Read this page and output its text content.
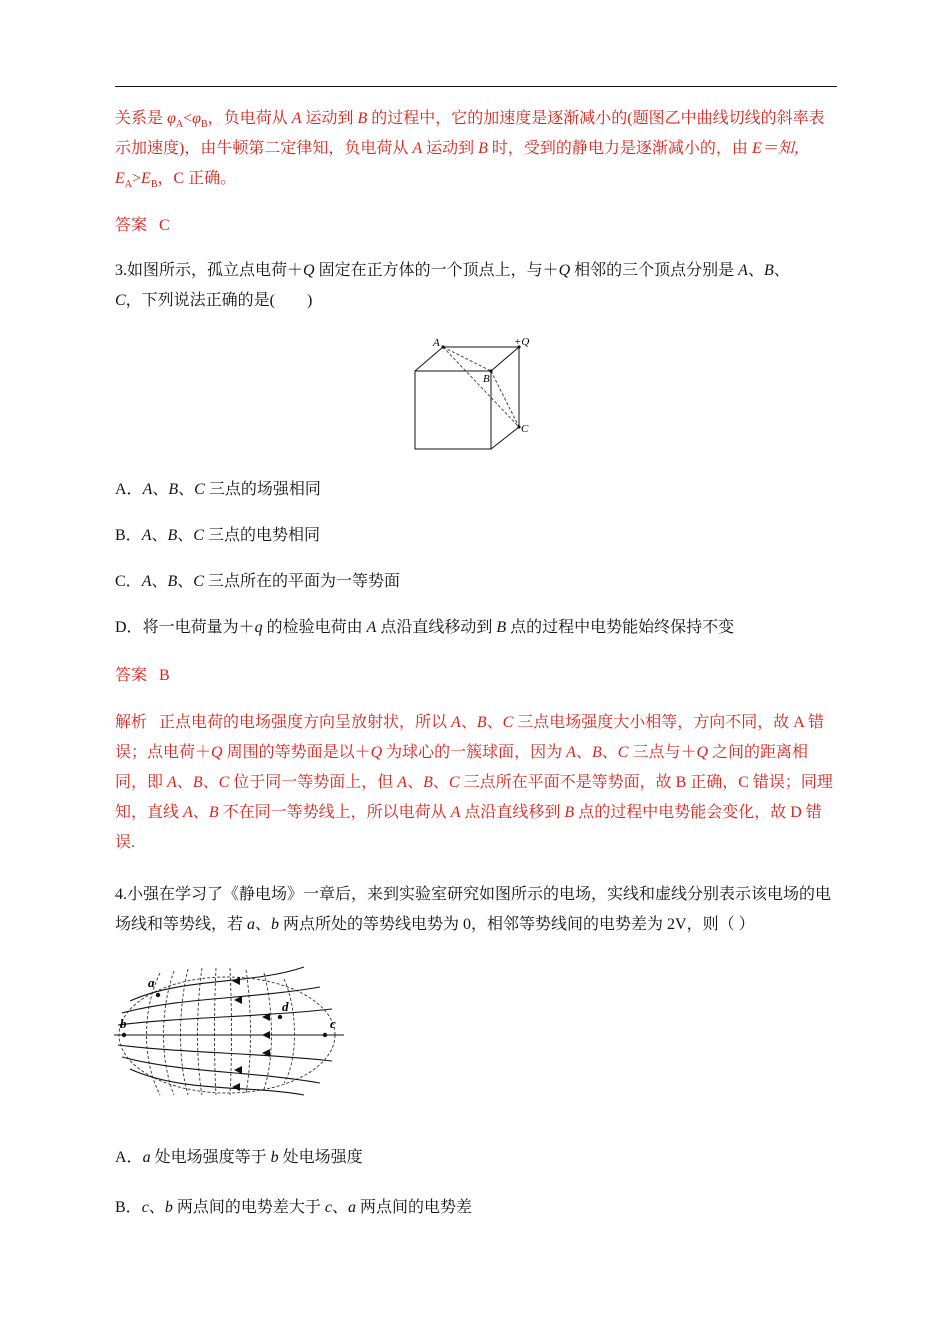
关系是 $\varphi_A<\varphi_B$，负电荷从 A 运动到 B 的过程中，它的加速度是逐渐减小的(题图乙中曲线切线的斜率表示加速度)，由牛顿第二定律知，负电荷从 A 运动到 B 时，受到的静电力是逐渐减小的，由 E＝知，
$E_A>E_B$，C 正确。

答案 C

3.如图所示，孤立点电荷＋Q 固定在正方体的一个顶点上，与＋Q 相邻的三个顶点分别是 A、B、
C，下列说法正确的是(　　)

A
B
C
+Q

A．A、B、C 三点的场强相同

B．A、B、C 三点的电势相同

C．A、B、C 三点所在的平面为一等势面

D．将一电荷量为＋q 的检验电荷由 A 点沿直线移动到 B 点的过程中电势能始终保持不变

答案 B

解析 正点电荷的电场强度方向呈放射状，所以 A、B、C 三点电场强度大小相等，方向不同，故 A 错误；点电荷＋Q 周围的等势面是以＋Q 为球心的一簇球面，因为 A、B、C 三点与＋Q 之间的距离相同，即 A、B、C 位于同一等势面上，但 A、B、C 三点所在平面不是等势面，故 B 正确，C 错误；同理知，直线 A、B 不在同一等势线上，所以电荷从 A 点沿直线移到 B 点的过程中电势能会变化，故 D 错误.

4.小强在学习了《静电场》一章后，来到实验室研究如图所示的电场，实线和虚线分别表示该电场的电场线和等势线，若 a、b 两点所处的等势线电势为 0，相邻等势线间的电势差为 2V，则（ ）

a
b	c
d

A．a 处电场强度等于 b 处电场强度

B．c、b 两点间的电势差大于 c、a 两点间的电势差
